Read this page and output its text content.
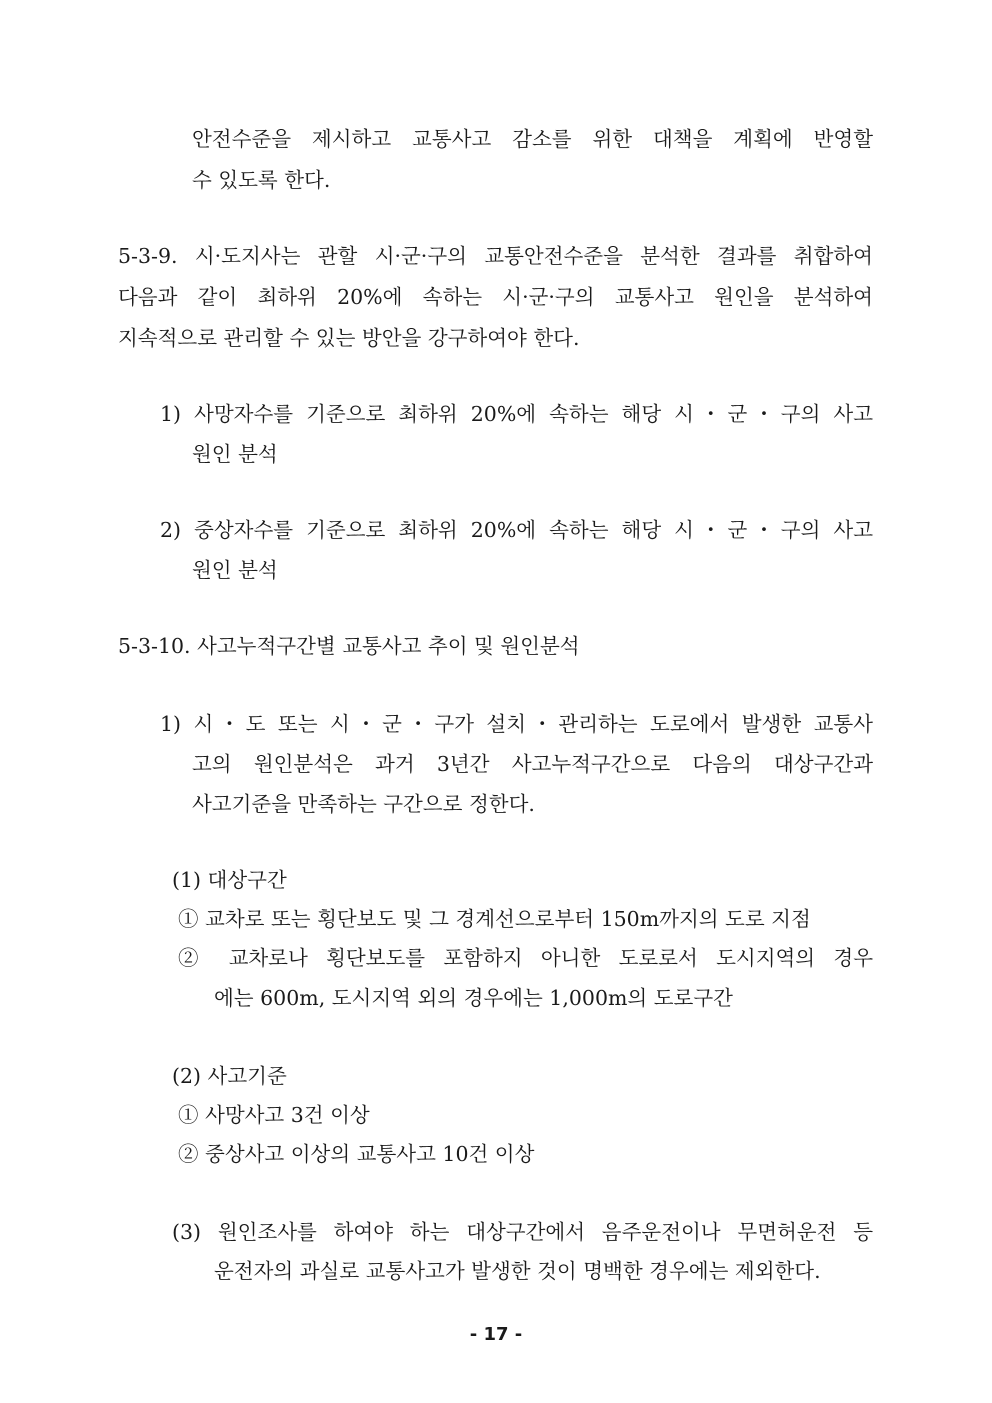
안전수준을 제시하고 교통사고 감소를 위한 대책을 계획에 반영할
수 있도록 한다.
5-3-9. 시·도지사는 관할 시·군·구의 교통안전수준을 분석한 결과를 취합하여
다음과 같이 최하위 20%에 속하는 시·군·구의 교통사고 원인을 분석하여
지속적으로 관리할 수 있는 방안을 강구하여야 한다.
1) 사망자수를 기준으로 최하위 20%에 속하는 해당 시・군・구의 사고
원인 분석
2) 중상자수를 기준으로 최하위 20%에 속하는 해당 시・군・구의 사고
원인 분석
5-3-10. 사고누적구간별 교통사고 추이 및 원인분석
1) 시・도 또는 시・군・구가 설치・관리하는 도로에서 발생한 교통사
고의 원인분석은 과거 3년간 사고누적구간으로 다음의 대상구간과
사고기준을 만족하는 구간으로 정한다.
(1) 대상구간
① 교차로 또는 횡단보도 및 그 경계선으로부터 150m까지의 도로 지점
② 교차로나 횡단보도를 포함하지 아니한 도로로서 도시지역의 경우
에는 600m, 도시지역 외의 경우에는 1,000m의 도로구간
(2) 사고기준
① 사망사고 3건 이상
② 중상사고 이상의 교통사고 10건 이상
(3) 원인조사를 하여야 하는 대상구간에서 음주운전이나 무면허운전 등
운전자의 과실로 교통사고가 발생한 것이 명백한 경우에는 제외한다.
- 17 -
